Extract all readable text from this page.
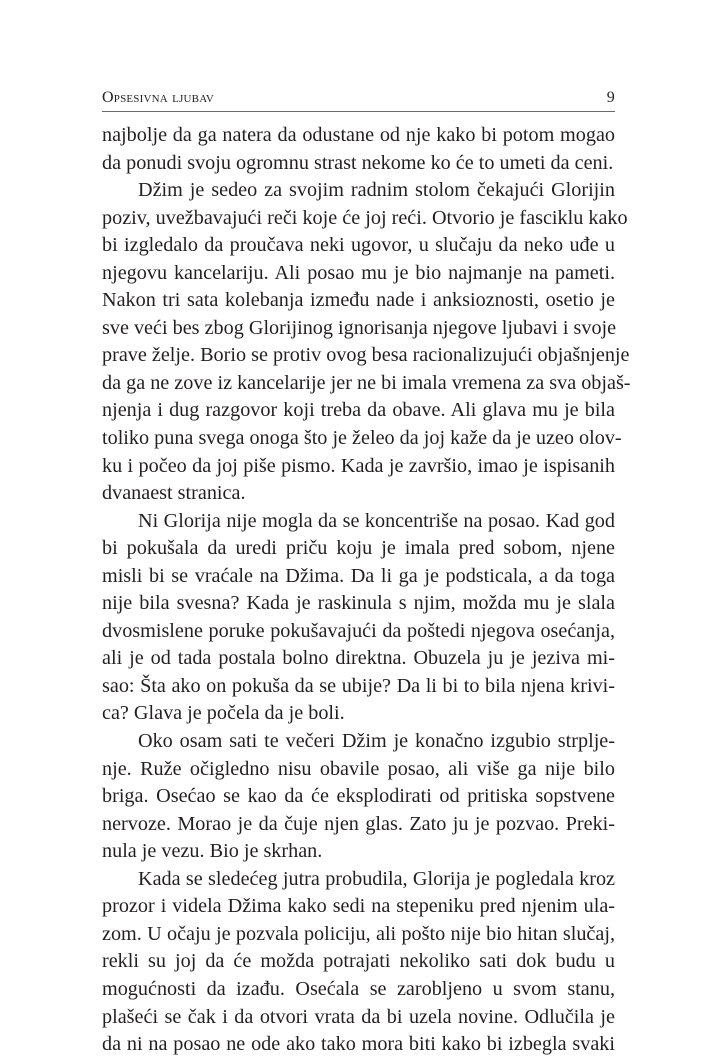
Opsesivna ljubav	9
najbolje da ga natera da odustane od nje kako bi potom mogao
da ponudi svoju ogromnu strast nekome ko će to umeti da ceni.
Džim je sedeo za svojim radnim stolom čekajući Glorijin
poziv, uvežbavajući reči koje će joj reći. Otvorio je fasciklu kako
bi izgledalo da proučava neki ugovor, u slučaju da neko uđe u
njegovu kancelariju. Ali posao mu je bio najmanje na pameti.
Nakon tri sata kolebanja između nade i anksioznosti, osetio je
sve veći bes zbog Glorijinog ignorisanja njegove ljubavi i svoje
prave želje. Borio se protiv ovog besa racionalizujući objašnjenje
da ga ne zove iz kancelarije jer ne bi imala vremena za sva objaš-
njenja i dug razgovor koji treba da obave. Ali glava mu je bila
toliko puna svega onoga što je želeo da joj kaže da je uzeo olov-
ku i počeo da joj piše pismo. Kada je završio, imao je ispisanih
dvanaest stranica.
Ni Glorija nije mogla da se koncentriše na posao. Kad god
bi pokušala da uredi priču koju je imala pred sobom, njene
misli bi se vraćale na Džima. Da li ga je podsticala, a da toga
nije bila svesna? Kada je raskinula s njim, možda mu je slala
dvosmislene poruke pokušavajući da poštedi njegova osećanja,
ali je od tada postala bolno direktna. Obuzela ju je jeziva mi-
sao: Šta ako on pokuša da se ubije? Da li bi to bila njena krivi-
ca? Glava je počela da je boli.
Oko osam sati te večeri Džim je konačno izgubio strplje-
nje. Ruže očigledno nisu obavile posao, ali više ga nije bilo
briga. Osećao se kao da će eksplodirati od pritiska sopstvene
nervoze. Morao je da čuje njen glas. Zato ju je pozvao. Preki-
nula je vezu. Bio je skrhan.
Kada se sledećeg jutra probudila, Glorija je pogledala kroz
prozor i videla Džima kako sedi na stepeniku pred njenim ula-
zom. U očaju je pozvala policiju, ali pošto nije bio hitan slučaj,
rekli su joj da će možda potrajati nekoliko sati dok budu u
mogućnosti da izađu. Osećala se zarobljeno u svom stanu,
plašeći se čak i da otvori vrata da bi uzela novine. Odlučila je
da ni na posao ne ode ako tako mora biti kako bi izbegla svaki
